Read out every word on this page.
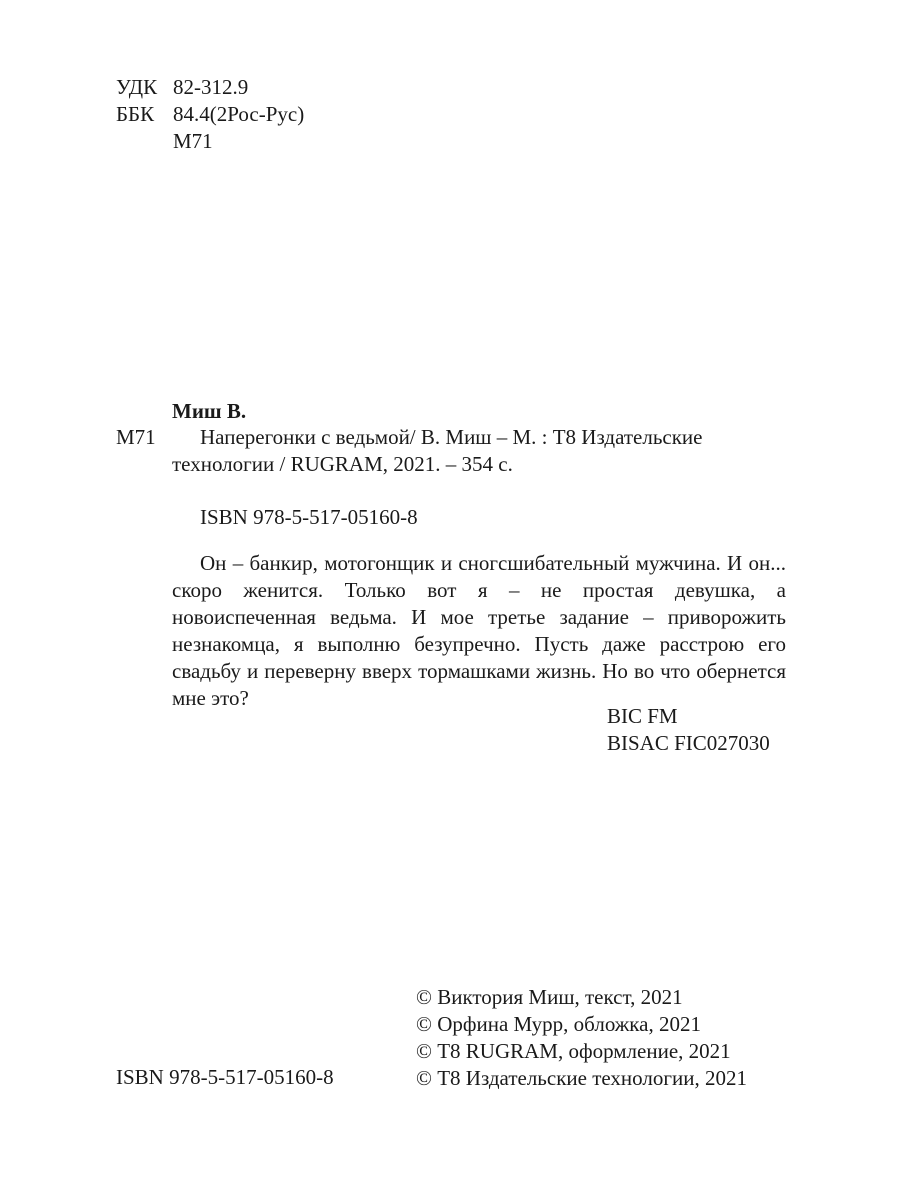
УДК 82-312.9
ББК 84.4(2Рос-Рус)
М71
Миш В.
М71	Наперегонки с ведьмой/ В. Миш – М. : Т8 Издательские
технологии / RUGRAM, 2021. – 354 с.
ISBN 978-5-517-05160-8
Он – банкир, мотогонщик и сногсшибательный мужчина. И он... скоро женится. Только вот я – не простая девушка, а новоиспеченная ведьма. И мое третье задание – приворожить незнакомца, я выполню безупречно. Пусть даже расстрою его свадьбу и переверну вверх тормашками жизнь. Но во что обернется мне это?
BIC FM
BISAC FIC027030
ISBN 978-5-517-05160-8
© Виктория Миш, текст, 2021
© Орфина Мурр, обложка, 2021
© Т8 RUGRAM, оформление, 2021
© Т8 Издательские технологии, 2021
